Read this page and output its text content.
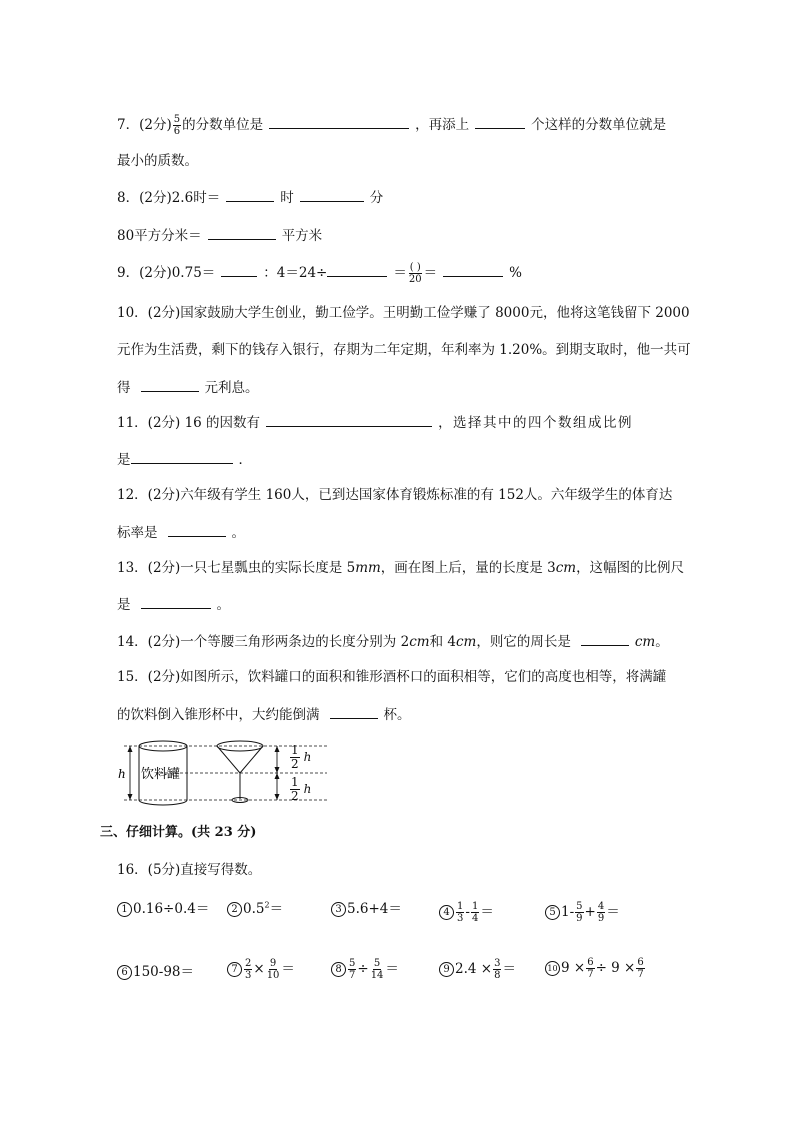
7．(2分) $\frac{5}{6}$ 的分数单位是	，再添上	个这样的分数单位就是
最小的质数。
8．(2分)2.6时＝	时	分
80平方分米＝	平方米
9．(2分)0.75＝	：4＝24÷	＝ $\frac{( )}{20}$ ＝	%
10．(2分)国家鼓励大学生创业，勤工俭学。王明勤工俭学赚了 8000元，他将这笔钱留下 2000
元作为生活费，剩下的钱存入银行，存期为二年定期，年利率为 1.20%。到期支取时，他一共可
得	元利息。
11．(2分) 16 的因数有	，选择其中的四个数组成比例
是	．
12．(2分)六年级有学生 160人，已到达国家体育锻炼标准的有 152人。六年级学生的体育达
标率是	。
13．(2分)一只七星瓢虫的实际长度是 5mm，画在图上后，量的长度是 3cm，这幅图的比例尺
是	。
14．(2分)一个等腰三角形两条边的长度分别为 2cm和 4cm，则它的周长是	cm。
15．(2分)如图所示，饮料罐口的面积和锥形酒杯口的面积相等，它们的高度也相等，将满罐
的饮料倒入锥形杯中，大约能倒满	杯。
h 饮料罐
$\frac{1}{2}$ h
$\frac{1}{2}$ h
三、仔细计算。(共 23 分)
16．(5分)直接写得数。
1 0.16÷0.4＝	2 $0.5^2=$	3 5.6+4＝	$4 \frac{1}{3} - \frac{1}{4}$ ＝	5 $1- \frac{5}{9} + \frac{4}{9}$ ＝
6 150-98＝	$7 \frac{2}{3} \times \frac{9}{10}$ ＝	$8 \frac{5}{7} \div \frac{5}{14}$ ＝	9 $2.4 \times \frac{3}{8}$ ＝	10 $9 \times \frac{6}{7} \div 9 \times \frac{6}{7}$
